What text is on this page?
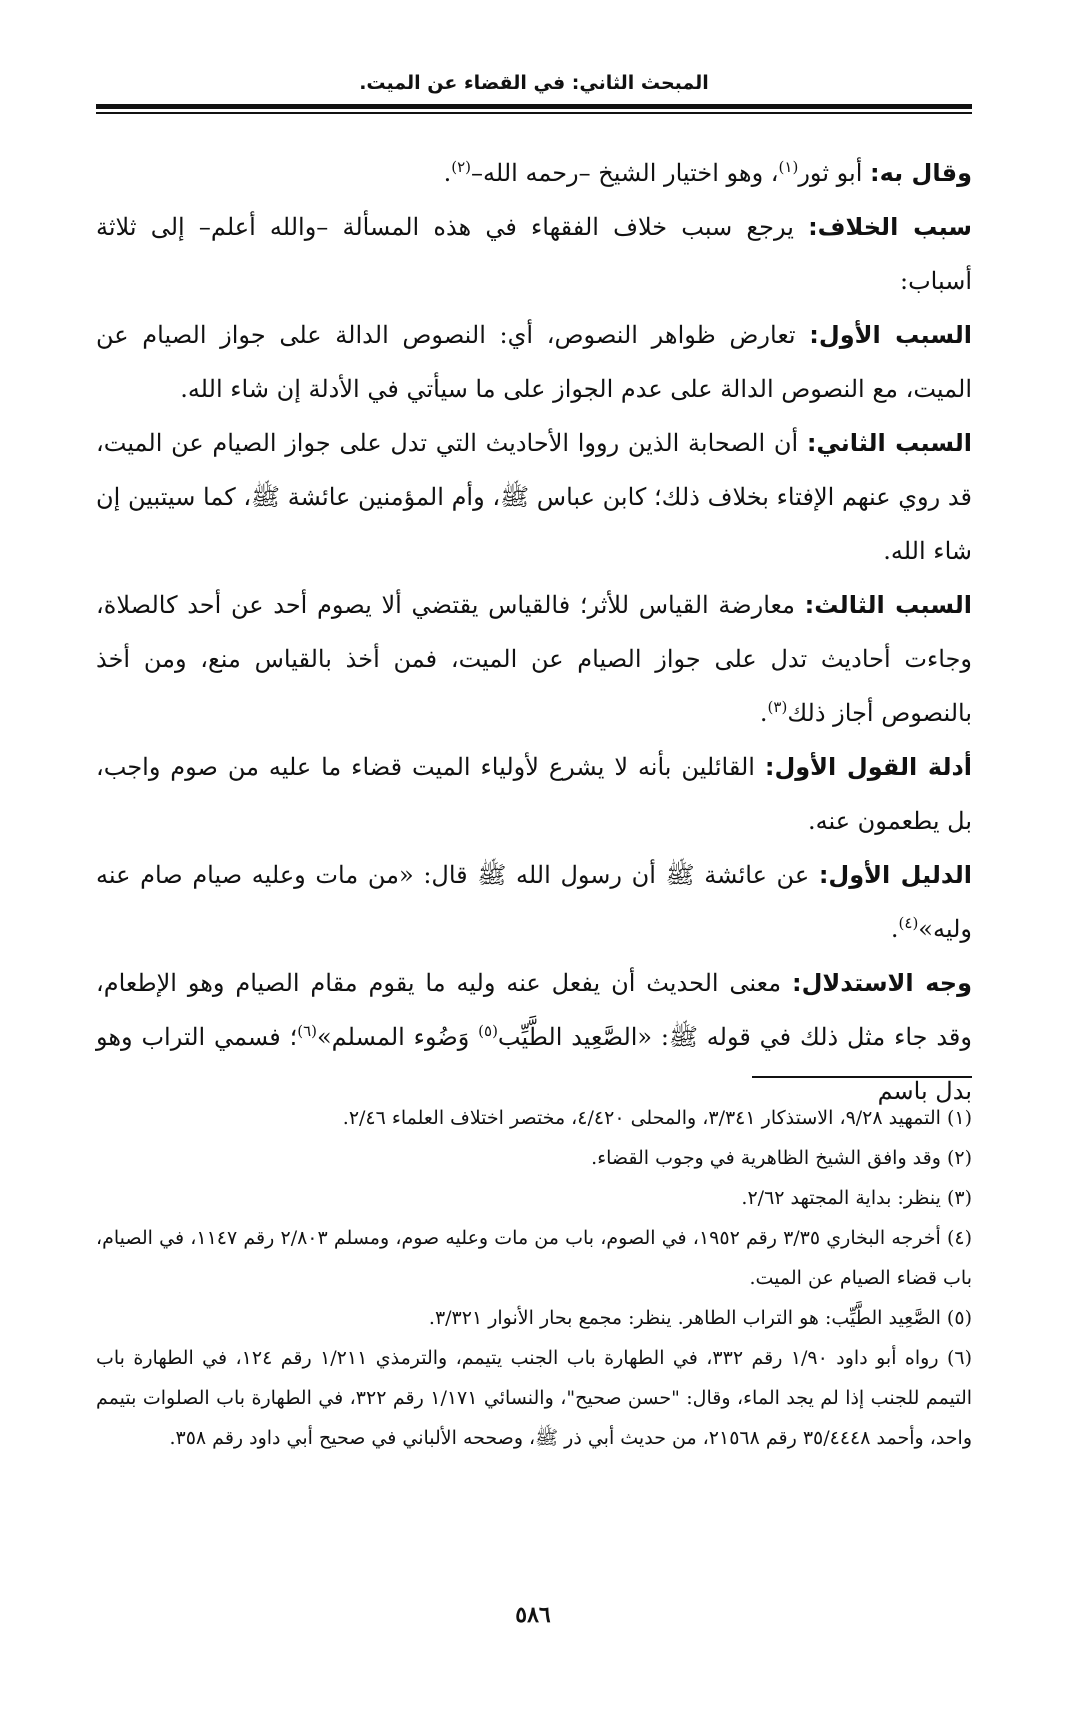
المبحث الثاني: في القضاء عن الميت.

وقال به: أبو ثور$^{(١)}$، وهو اختيار الشيخ –رحمه الله–$^{(٢)}$.

سبب الخلاف: يرجع سبب خلاف الفقهاء في هذه المسألة –والله أعلم– إلى ثلاثة أسباب:

السبب الأول: تعارض ظواهر النصوص، أي: النصوص الدالة على جواز الصيام عن الميت، مع النصوص الدالة على عدم الجواز على ما سيأتي في الأدلة إن شاء الله.

السبب الثاني: أن الصحابة الذين رووا الأحاديث التي تدل على جواز الصيام عن الميت، قد روي عنهم الإفتاء بخلاف ذلك؛ كابن عباس ﷺ، وأم المؤمنين عائشة ﷺ، كما سيتبين إن شاء الله.

السبب الثالث: معارضة القياس للأثر؛ فالقياس يقتضي ألا يصوم أحد عن أحد كالصلاة، وجاءت أحاديث تدل على جواز الصيام عن الميت، فمن أخذ بالقياس منع، ومن أخذ بالنصوص أجاز ذلك$^{(٣)}$.

أدلة القول الأول: القائلين بأنه لا يشرع لأولياء الميت قضاء ما عليه من صوم واجب، بل يطعمون عنه.

الدليل الأول: عن عائشة ﷺ أن رسول الله ﷺ قال: «من مات وعليه صيام صام عنه وليه»$^{(٤)}$.

وجه الاستدلال: معنى الحديث أن يفعل عنه وليه ما يقوم مقام الصيام وهو الإطعام، وقد جاء مثل ذلك في قوله ﷺ: «الصَّعِيد الطَّيِّب$^{(٥)}$ وَضُوء المسلم»$^{(٦)}$؛ فسمي التراب وهو بدل باسم

(١) التمهيد ٩/٢٨، الاستذكار ٣/٣٤١، والمحلى ٤/٤٢٠، مختصر اختلاف العلماء ٢/٤٦.

(٢) وقد وافق الشيخ الظاهرية في وجوب القضاء.

(٣) ينظر: بداية المجتهد ٢/٦٢.

(٤) أخرجه البخاري ٣/٣٥ رقم ١٩٥٢، في الصوم، باب من مات وعليه صوم، ومسلم ٢/٨٠٣ رقم ١١٤٧، في الصيام، باب قضاء الصيام عن الميت.

(٥) الصَّعِيد الطَّيِّب: هو التراب الطاهر. ينظر: مجمع بحار الأنوار ٣/٣٢١.

(٦) رواه أبو داود ١/٩٠ رقم ٣٣٢، في الطهارة باب الجنب يتيمم، والترمذي ١/٢١١ رقم ١٢٤، في الطهارة باب التيمم للجنب إذا لم يجد الماء، وقال: "حسن صحيح"، والنسائي ١/١٧١ رقم ٣٢٢، في الطهارة باب الصلوات بتيمم واحد، وأحمد ٣٥/٤٤٤٨ رقم ٢١٥٦٨، من حديث أبي ذر ﷺ، وصححه الألباني في صحيح أبي داود رقم ٣٥٨.

٥٨٦
